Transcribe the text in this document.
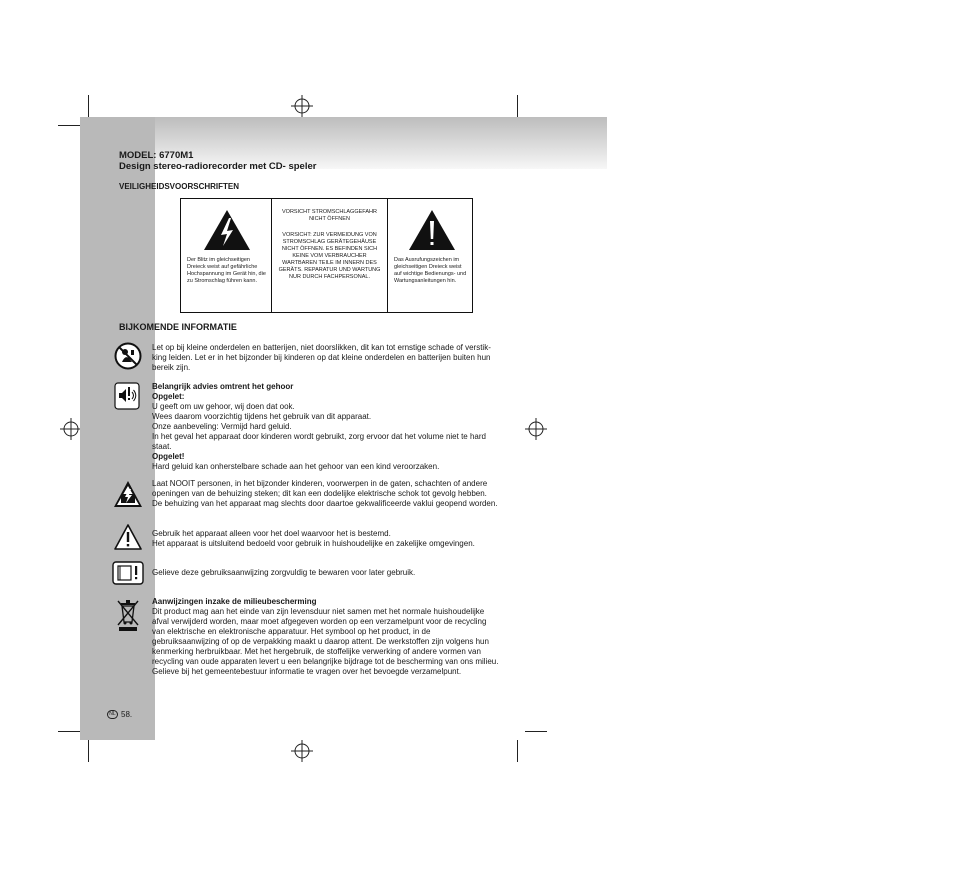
MODEL: 6770M1
Design stereo-radiorecorder met CD- speler
VEILIGHEIDSVOORSCHRIFTEN
Der Blitz im gleichseitigen Dreieck weist auf gefährliche Hochspannung im Gerät hin, die zu Stromschlag führen kann.
VORSICHT STROMSCHLAGGEFAHR NICHT ÖFFNEN
VORSICHT: ZUR VERMEIDUNG VON STROMSCHLAG GERÄTEGEHÄUSE NICHT ÖFFNEN. ES BEFINDEN SICH KEINE VOM VERBRAUCHER WARTBAREN TEILE IM INNERN DES GERÄTS. REPARATUR UND WARTUNG NUR DURCH FACHPERSONAL.
Das Ausrufungszeichen im gleichseitigen Dreieck weist auf wichtige Bedienungs- und Wartungsanleitungen hin.
BIJKOMENDE INFORMATIE

Let op bij kleine onderdelen en batterijen, niet doorslikken, dit kan tot ernstige schade of verstik-

king leiden. Let er in het bijzonder bij kinderen op dat kleine onderdelen en batterijen buiten hun

bereik zijn.

Belangrijk advies omtrent het gehoor

Opgelet:

U geeft om uw gehoor, wij doen dat ook.

Wees daarom voorzichtig tijdens het gebruik van dit apparaat.

Onze aanbeveling: Vermijd hard geluid.

In het geval het apparaat door kinderen wordt gebruikt, zorg ervoor dat het volume niet te hard

staat.

Opgelet!

Hard geluid kan onherstelbare schade aan het gehoor van een kind veroorzaken.

Laat NOOIT personen, in het bijzonder kinderen, voorwerpen in de gaten, schachten of andere

openingen van de behuizing steken; dit kan een dodelijke elektrische schok tot gevolg hebben.

De behuizing van het apparaat mag slechts door daartoe gekwalificeerde vaklui geopend worden.

Gebruik het apparaat alleen voor het doel waarvoor het is bestemd.

Het apparaat is uitsluitend bedoeld voor gebruik in huishoudelijke en zakelijke omgevingen.

Gelieve deze gebruiksaanwijzing zorgvuldig te bewaren voor later gebruik.

Aanwijzingen inzake de milieubescherming

Dit product mag aan het einde van zijn levensduur niet samen met het normale huishoudelijke

afval verwijderd worden, maar moet afgegeven worden op een verzamelpunt voor de recycling

van elektrische en elektronische apparatuur. Het symbool op het product, in de

gebruiksaanwijzing of op de verpakking maakt u daarop attent. De werkstoffen zijn volgens hun

kenmerking herbruikbaar. Met het hergebruik, de stoffelijke verwerking of andere vormen van

recycling van oude apparaten levert u een belangrijke bijdrage tot de bescherming van ons milieu.

Gelieve bij het gemeentebestuur informatie te vragen over het bevoegde verzamelpunt.

NL 58.
